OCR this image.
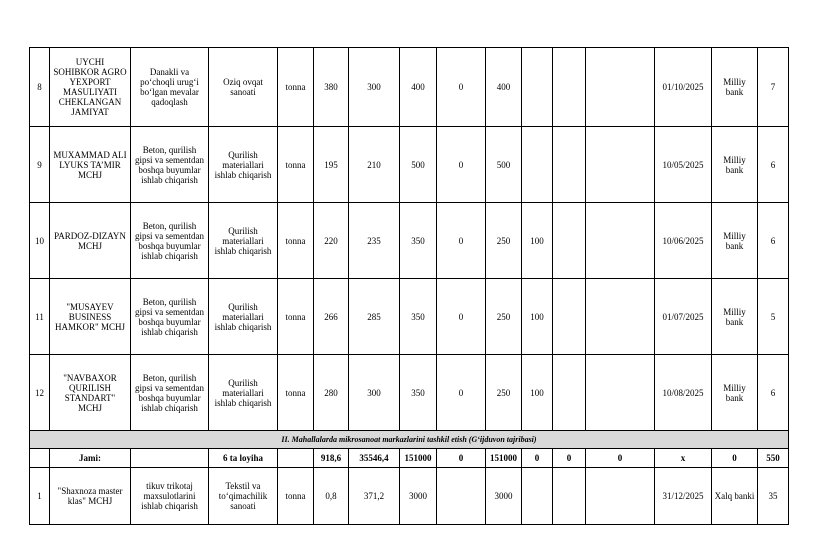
8	UYCHI SOHIBKOR AGRO YEXPORT MASULIYATI CHEKLANGAN JAMIYAT	Danakli va po‘choqli urug‘i bo‘lgan mevalar qadoqlash	Oziq ovqat sanoati	tonna	380	300	400	0	400				01/10/2025	Milliy bank	7
9	MUXAMMAD ALI LYUKS TA’MIR MCHJ	Beton, qurilish gipsi va sementdan boshqa buyumlar ishlab chiqarish	Qurilish materiallari ishlab chiqarish	tonna	195	210	500	0	500				10/05/2025	Milliy bank	6
10	PARDOZ-DIZAYN MCHJ	Beton, qurilish gipsi va sementdan boshqa buyumlar ishlab chiqarish	Qurilish materiallari ishlab chiqarish	tonna	220	235	350	0	250	100			10/06/2025	Milliy bank	6
11	"MUSAYEV BUSINESS HAMKOR" MCHJ	Beton, qurilish gipsi va sementdan boshqa buyumlar ishlab chiqarish	Qurilish materiallari ishlab chiqarish	tonna	266	285	350	0	250	100			01/07/2025	Milliy bank	5
12	"NAVBAXOR QURILISH STANDART" MCHJ	Beton, qurilish gipsi va sementdan boshqa buyumlar ishlab chiqarish	Qurilish materiallari ishlab chiqarish	tonna	280	300	350	0	250	100			10/08/2025	Milliy bank	6
II. Mahallalarda mikrosanoat markazlarini tashkil etish (G‘ijduvon tajribasi)															
	Jami:		6 ta loyiha		918,6	35546,4	151000	0	151000	0	0	0	x	0	550
1	"Shaxnoza master klas" MCHJ	tikuv trikotaj maxsulotlarini ishlab chiqarish	Tekstil va to‘qimachilik sanoati	tonna	0,8	371,2	3000		3000				31/12/2025	Xalq banki	35
